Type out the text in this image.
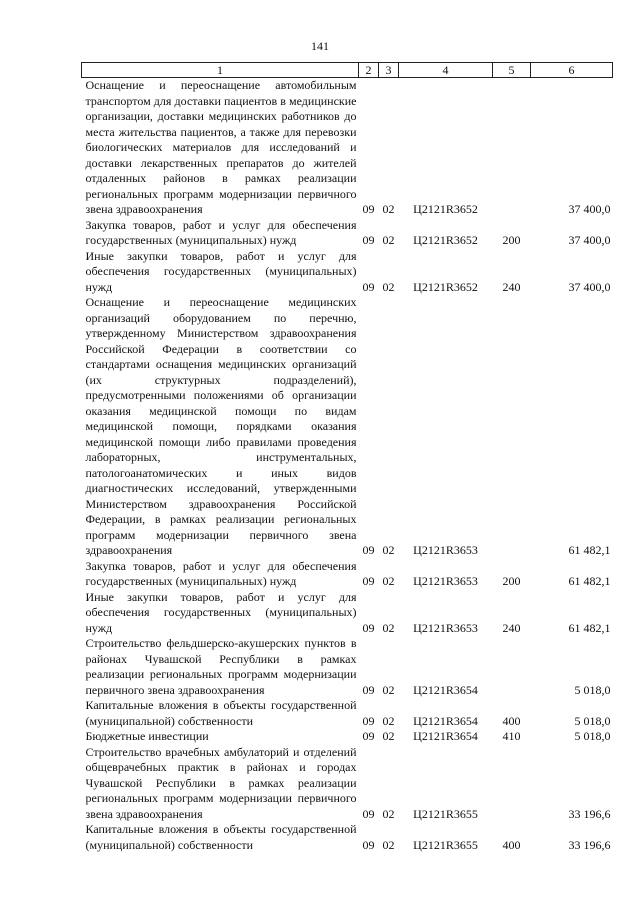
141
1	2	3	4	5	6
Оснащение и переоснащение автомобильным транспортом для доставки пациентов в медицинские организации, доставки медицинских работников до места жительства пациентов, а также для перевозки биологических материалов для исследований и доставки лекарственных препаратов до жителей отдаленных районов в рамках реализации региональных программ модернизации первичного звена здравоохранения	09	02	Ц2121R3652		37 400,0
Закупка товаров, работ и услуг для обеспечения государственных (муниципальных) нужд	09	02	Ц2121R3652	200	37 400,0
Иные закупки товаров, работ и услуг для обеспечения государственных (муниципальных) нужд	09	02	Ц2121R3652	240	37 400,0
Оснащение и переоснащение медицинских организаций оборудованием по перечню, утвержденному Министерством здравоохранения Российской Федерации в соответствии со стандартами оснащения медицинских организаций (их структурных подразделений), предусмотренными положениями об организации оказания медицинской помощи по видам медицинской помощи, порядками оказания медицинской помощи либо правилами проведения лабораторных, инструментальных, патологоанатомических и иных видов диагностических исследований, утвержденными Министерством здравоохранения Российской Федерации, в рамках реализации региональных программ модернизации первичного звена здравоохранения	09	02	Ц2121R3653		61 482,1
Закупка товаров, работ и услуг для обеспечения государственных (муниципальных) нужд	09	02	Ц2121R3653	200	61 482,1
Иные закупки товаров, работ и услуг для обеспечения государственных (муниципальных) нужд	09	02	Ц2121R3653	240	61 482,1
Строительство фельдшерско-акушерских пунктов в районах Чувашской Республики в рамках реализации региональных программ модернизации первичного звена здравоохранения	09	02	Ц2121R3654		5 018,0
Капитальные вложения в объекты государственной (муниципальной) собственности	09	02	Ц2121R3654	400	5 018,0
Бюджетные инвестиции	09	02	Ц2121R3654	410	5 018,0
Строительство врачебных амбулаторий и отделений общеврачебных практик в районах и городах Чувашской Республики в рамках реализации региональных программ модернизации первичного звена здравоохранения	09	02	Ц2121R3655		33 196,6
Капитальные вложения в объекты государственной (муниципальной) собственности	09	02	Ц2121R3655	400	33 196,6
